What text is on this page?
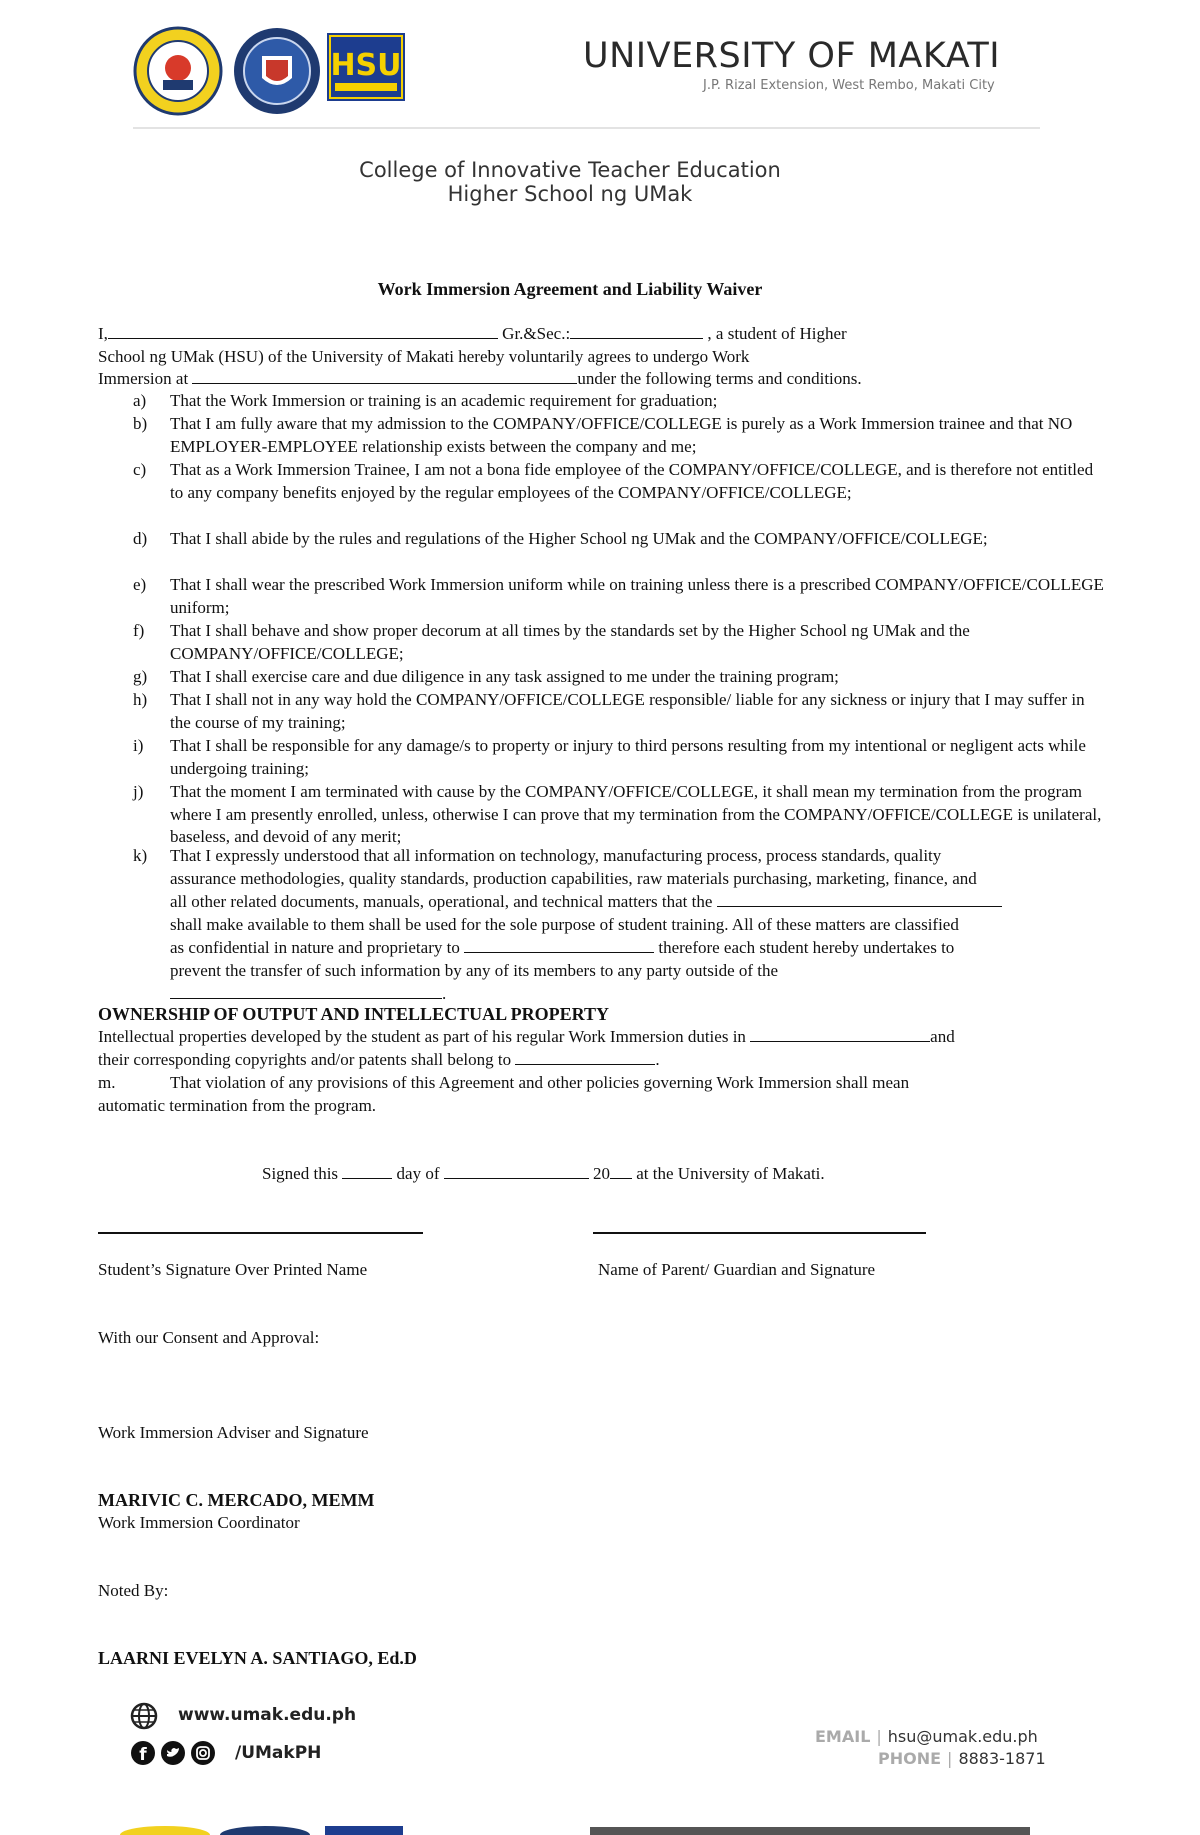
HSU	UNIVERSITY OF MAKATI
J.P. Rizal Extension, West Rembo, Makati City
College of Innovative Teacher Education
Higher School ng UMak
Work Immersion Agreement and Liability Waiver
I,	Gr.&Sec.:	, a student of Higher
School ng UMak (HSU) of the University of Makati hereby voluntarily agrees to undergo Work
Immersion at	under the following terms and conditions.
a) That the Work Immersion or training is an academic requirement for graduation;
b) That I am fully aware that my admission to the COMPANY/OFFICE/COLLEGE is purely as a Work Immersion trainee and that NO EMPLOYER-EMPLOYEE relationship exists between the company and me;
c) That as a Work Immersion Trainee, I am not a bona fide employee of the COMPANY/OFFICE/COLLEGE, and is therefore not entitled to any company benefits enjoyed by the regular employees of the COMPANY/OFFICE/COLLEGE;
d) That I shall abide by the rules and regulations of the Higher School ng UMak and the COMPANY/OFFICE/COLLEGE;
e) That I shall wear the prescribed Work Immersion uniform while on training unless there is a prescribed COMPANY/OFFICE/COLLEGE uniform;
f) That I shall behave and show proper decorum at all times by the standards set by the Higher School ng UMak and the COMPANY/OFFICE/COLLEGE;
g) That I shall exercise care and due diligence in any task assigned to me under the training program;
h) That I shall not in any way hold the COMPANY/OFFICE/COLLEGE responsible/ liable for any sickness or injury that I may suffer in the course of my training;
i) That I shall be responsible for any damage/s to property or injury to third persons resulting from my intentional or negligent acts while undergoing training;
j) That the moment I am terminated with cause by the COMPANY/OFFICE/COLLEGE, it shall mean my termination from the program where I am presently enrolled, unless, otherwise I can prove that my termination from the COMPANY/OFFICE/COLLEGE is unilateral, baseless, and devoid of any merit;
k) That I expressly understood that all information on technology, manufacturing process, process standards, quality
assurance methodologies, quality standards, production capabilities, raw materials purchasing, marketing, finance, and
all other related documents, manuals, operational, and technical matters that the
shall make available to them shall be used for the sole purpose of student training. All of these matters are classified
as confidential in nature and proprietary to	therefore each student hereby undertakes to
prevent the transfer of such information by any of its members to any party outside of the
.
OWNERSHIP OF OUTPUT AND INTELLECTUAL PROPERTY
Intellectual properties developed by the student as part of his regular Work Immersion duties in	and
their corresponding copyrights and/or patents shall belong to	.
m.	That violation of any provisions of this Agreement and other policies governing Work Immersion shall mean
automatic termination from the program.
Signed this	day of	20 at the University of Makati.
Student’s Signature Over Printed Name	Name of Parent/ Guardian and Signature
With our Consent and Approval:
Work Immersion Adviser and Signature
MARIVIC C. MERCADO, MEMM
Work Immersion Coordinator
Noted By:
LAARNI EVELYN A. SANTIAGO, Ed.D
www.umak.edu.ph
f	/UMakPH
EMAIL | hsu@umak.edu.ph
PHONE | 8883-1871
